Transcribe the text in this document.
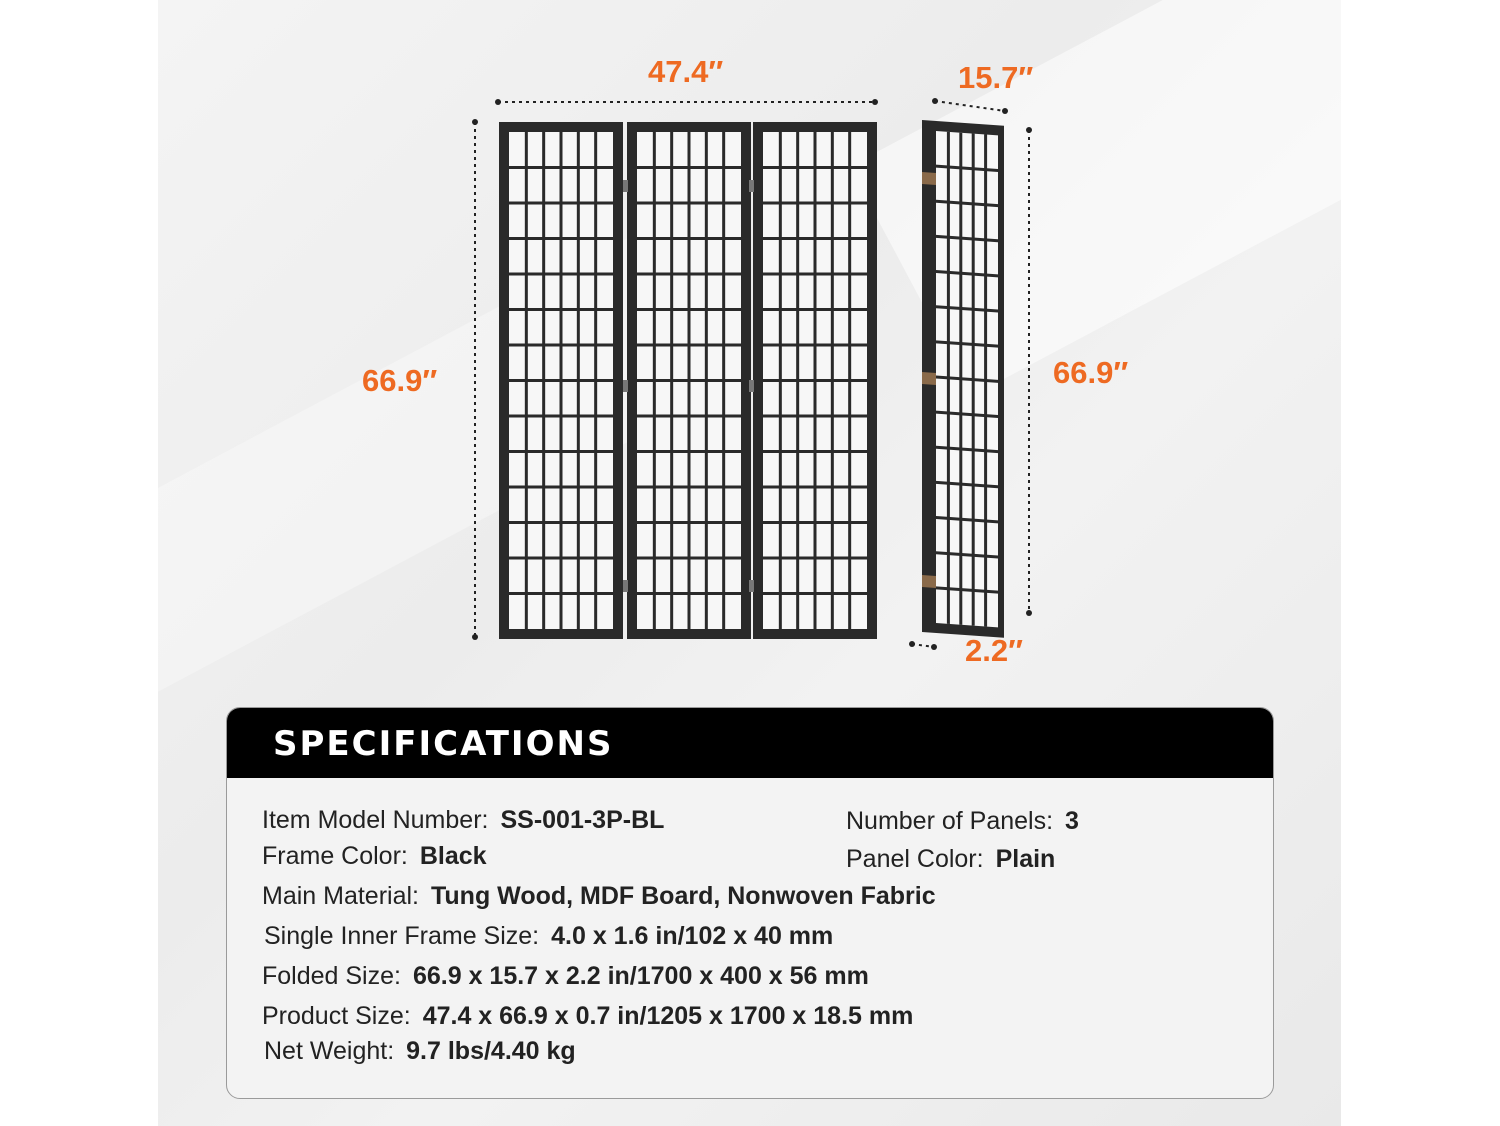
47.4″
66.9″
15.7″
66.9″
2.2″
SPECIFICATIONS
Item Model Number: SS-001-3P-BL	Number of Panels: 3
Frame Color: Black	Panel Color: Plain
Main Material: Tung Wood, MDF Board, Nonwoven Fabric
Single Inner Frame Size: 4.0 x 1.6 in/102 x 40 mm
Folded Size: 66.9 x 15.7 x 2.2 in/1700 x 400 x 56 mm
Product Size: 47.4 x 66.9 x 0.7 in/1205 x 1700 x 18.5 mm
Net Weight: 9.7 lbs/4.40 kg
